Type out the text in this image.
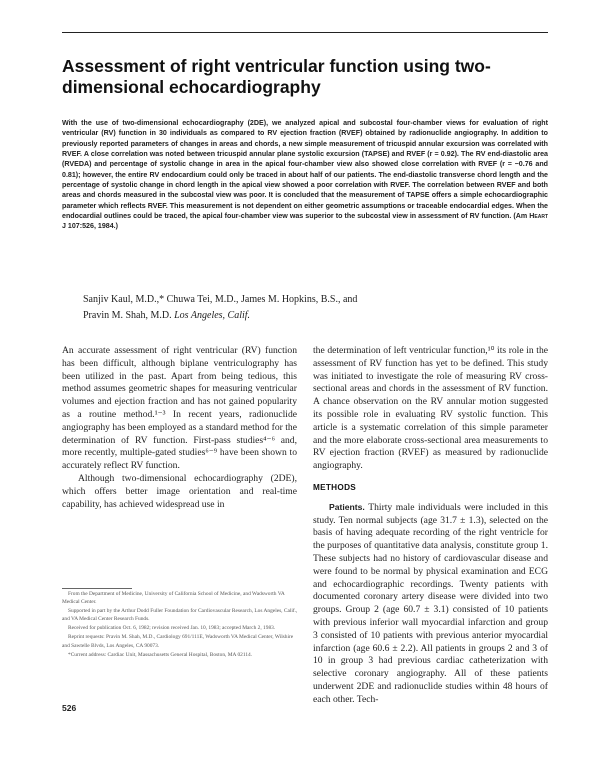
Assessment of right ventricular function using two-dimensional echocardiography

With the use of two-dimensional echocardiography (2DE), we analyzed apical and subcostal four-chamber views for evaluation of right ventricular (RV) function in 30 individuals as compared to RV ejection fraction (RVEF) obtained by radionuclide angiography. In addition to previously reported parameters of changes in areas and chords, a new simple measurement of tricuspid annular excursion was correlated with RVEF. A close correlation was noted between tricuspid annular plane systolic excursion (TAPSE) and RVEF (r = 0.92). The RV end-diastolic area (RVEDA) and percentage of systolic change in area in the apical four-chamber view also showed close correlation with RVEF (r = −0.76 and 0.81); however, the entire RV endocardium could only be traced in about half of our patients. The end-diastolic transverse chord length and the percentage of systolic change in chord length in the apical view showed a poor correlation with RVEF. The correlation between RVEF and both areas and chords measured in the subcostal view was poor. It is concluded that the measurement of TAPSE offers a simple echocardiographic parameter which reflects RVEF. This measurement is not dependent on either geometric assumptions or traceable endocardial edges. When the endocardial outlines could be traced, the apical four-chamber view was superior to the subcostal view in assessment of RV function. (Am Heart J 107:526, 1984.)

Sanjiv Kaul, M.D.,* Chuwa Tei, M.D., James M. Hopkins, B.S., and
Pravin M. Shah, M.D. Los Angeles, Calif.

An accurate assessment of right ventricular (RV) function has been difficult, although biplane ventriculography has been utilized in the past. Apart from being tedious, this method assumes geometric shapes for measuring ventricular volumes and ejection fraction and has not gained popularity as a routine method.¹⁻³ In recent years, radionuclide angiography has been employed as a standard method for the determination of RV function. First-pass studies⁴⁻⁶ and, more recently, multiple-gated studies⁶⁻⁹ have been shown to accurately reflect RV function.

Although two-dimensional echocardiography (2DE), which offers better image orientation and real-time capability, has achieved widespread use in

From the Department of Medicine, University of California School of Medicine, and Wadsworth VA Medical Center.

Supported in part by the Arthur Dodd Fuller Foundation for Cardiovascular Research, Los Angeles, Calif., and VA Medical Center Research Funds.

Received for publication Oct. 6, 1982; revision received Jan. 10, 1983; accepted March 2, 1983.

Reprint requests: Pravin M. Shah, M.D., Cardiology 691/111E, Wadsworth VA Medical Center, Wilshire and Sawtelle Blvds, Los Angeles, CA 90073.

*Current address: Cardiac Unit, Massachusetts General Hospital, Boston, MA 02114.

the determination of left ventricular function,¹⁰ its role in the assessment of RV function has yet to be defined. This study was initiated to investigate the role of measuring RV cross-sectional areas and chords in the assessment of RV function. A chance observation on the RV annular motion suggested its possible role in evaluating RV systolic function. This article is a systematic correlation of this simple parameter and the more elaborate cross-sectional area measurements to RV ejection fraction (RVEF) as measured by radionuclide angiography.

METHODS

Patients. Thirty male individuals were included in this study. Ten normal subjects (age 31.7 ± 1.3), selected on the basis of having adequate recording of the right ventricle for the purposes of quantitative data analysis, constitute group 1. These subjects had no history of cardiovascular disease and were found to be normal by physical examination and ECG and echocardiographic recordings. Twenty patients with documented coronary artery disease were divided into two groups. Group 2 (age 60.7 ± 3.1) consisted of 10 patients with previous inferior wall myocardial infarction and group 3 consisted of 10 patients with previous anterior myocardial infarction (age 60.6 ± 2.2). All patients in groups 2 and 3 of 10 in group 3 had previous cardiac catheterization with selective coronary angiography. All of these patients underwent 2DE and radionuclide studies within 48 hours of each other. Tech-

526
